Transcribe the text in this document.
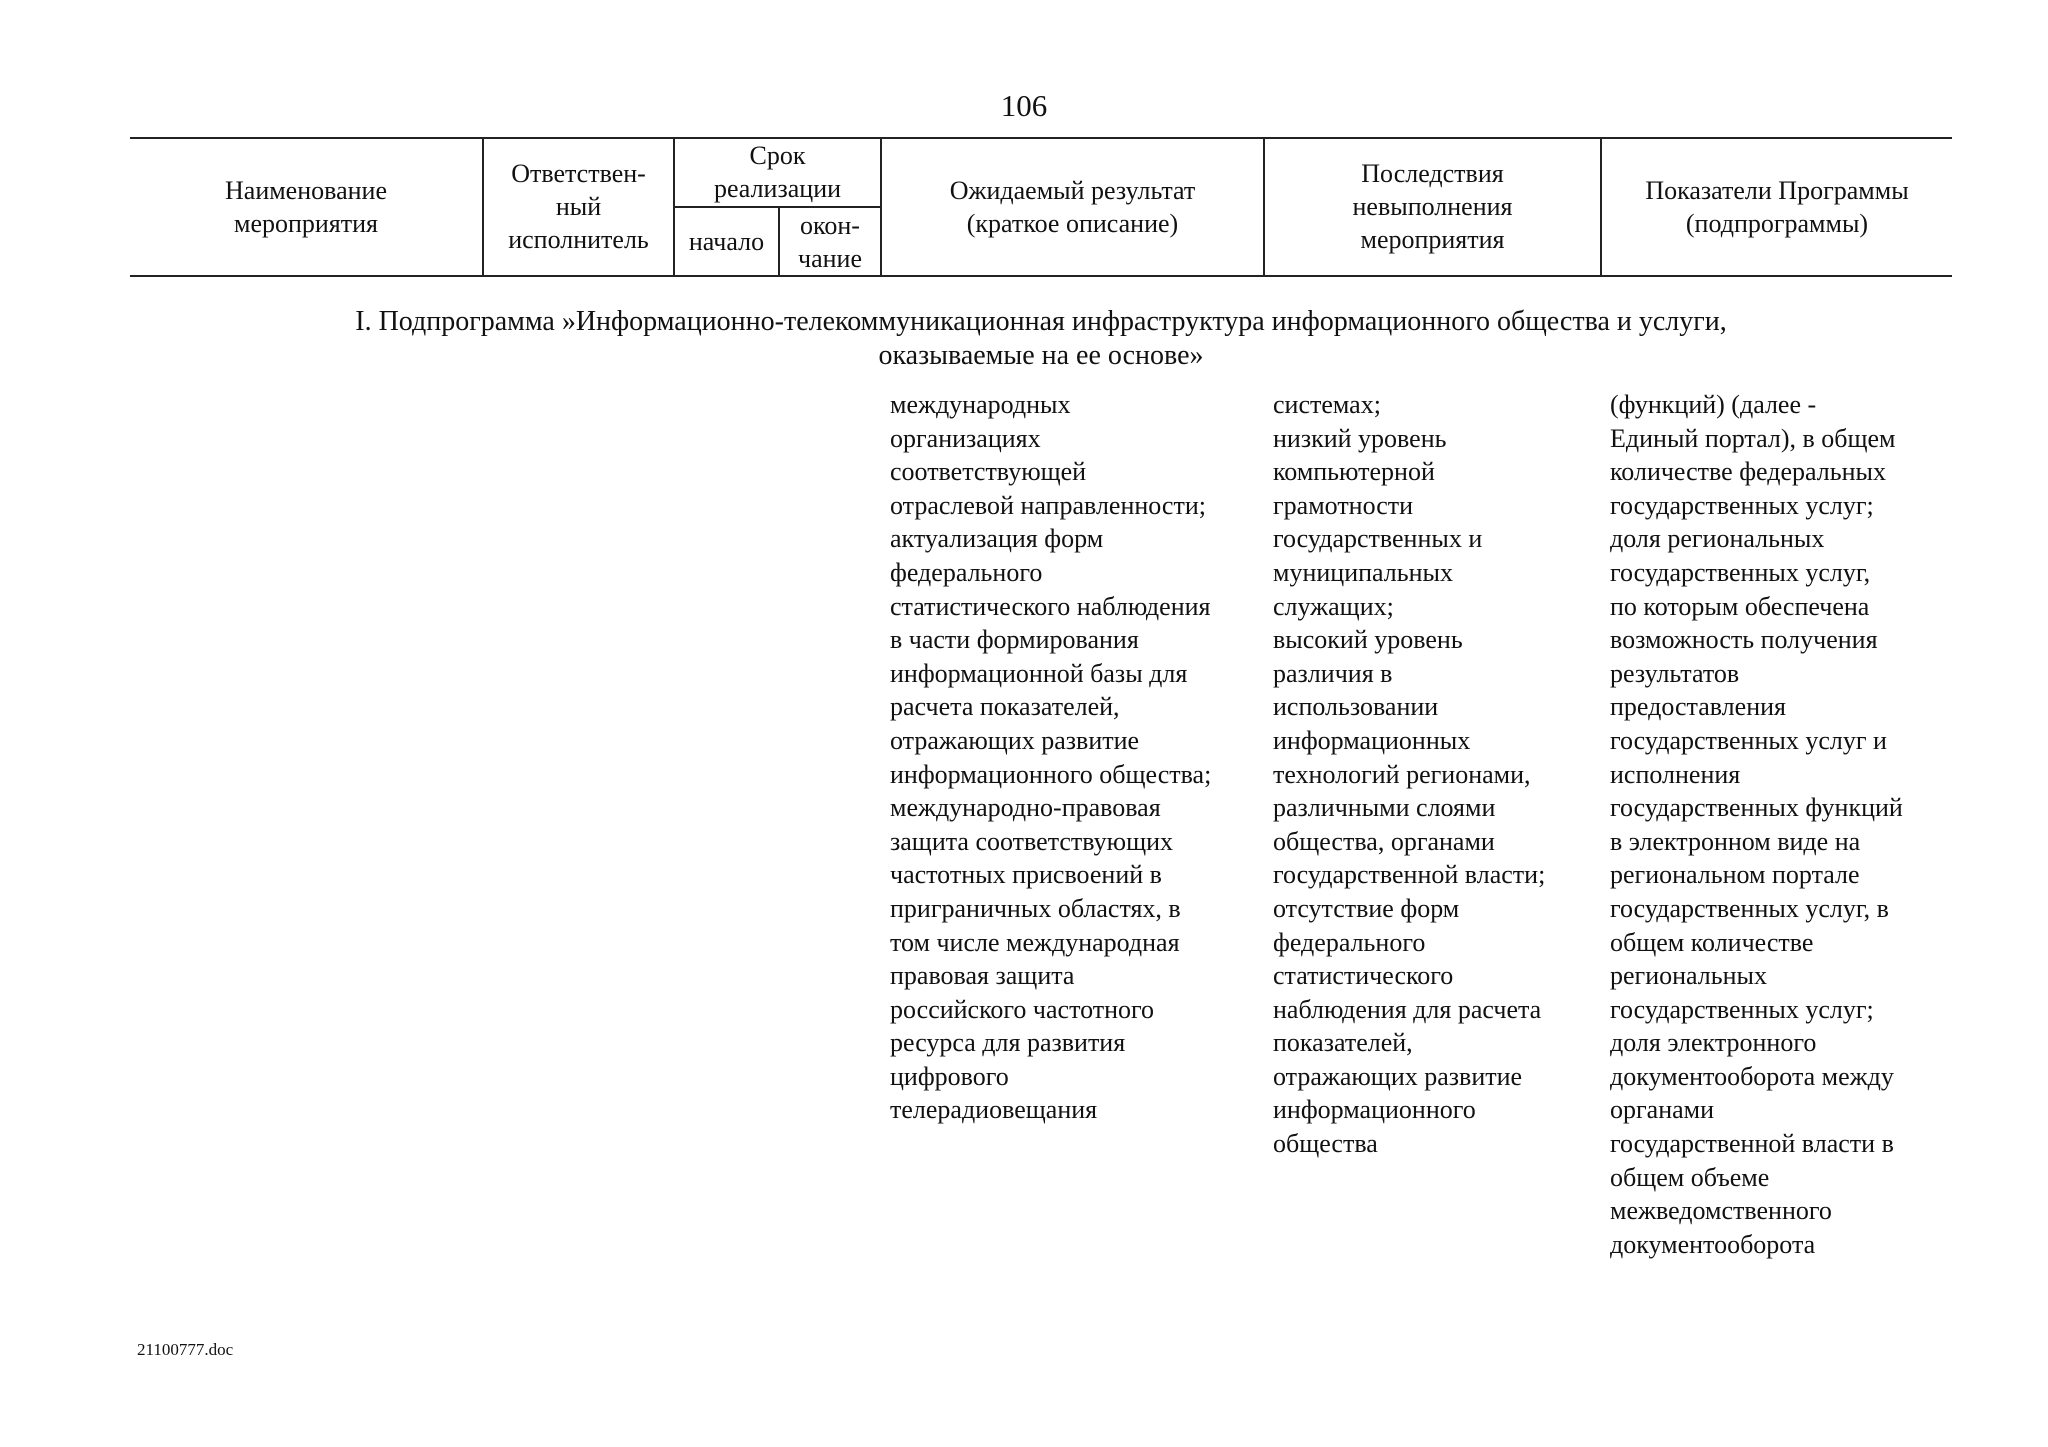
106
Наименование
мероприятия
Ответствен-
ный
исполнитель
Срок
реализации
начало
окон-
чание
Ожидаемый результат
(краткое описание)
Последствия
невыполнения
мероприятия
Показатели Программы
(подпрограммы)
I. Подпрограмма »Информационно-телекоммуникационная инфраструктура информационного общества и услуги,
оказываемые на ее основе»
международных
организациях
соответствующей
отраслевой направленности;
актуализация форм
федерального
статистического наблюдения
в части формирования
информационной базы для
расчета показателей,
отражающих развитие
информационного общества;
международно-правовая
защита соответствующих
частотных присвоений в
приграничных областях, в
том числе международная
правовая защита
российского частотного
ресурса для развития
цифрового
телерадиовещания
системах;
низкий уровень
компьютерной
грамотности
государственных и
муниципальных
служащих;
высокий уровень
различия в
использовании
информационных
технологий регионами,
различными слоями
общества, органами
государственной власти;
отсутствие форм
федерального
статистического
наблюдения для расчета
показателей,
отражающих развитие
информационного
общества
(функций) (далее -
Единый портал), в общем
количестве федеральных
государственных услуг;
доля региональных
государственных услуг,
по которым обеспечена
возможность получения
результатов
предоставления
государственных услуг и
исполнения
государственных функций
в электронном виде на
региональном портале
государственных услуг, в
общем количестве
региональных
государственных услуг;
доля электронного
документооборота между
органами
государственной власти в
общем объеме
межведомственного
документооборота
21100777.doc
